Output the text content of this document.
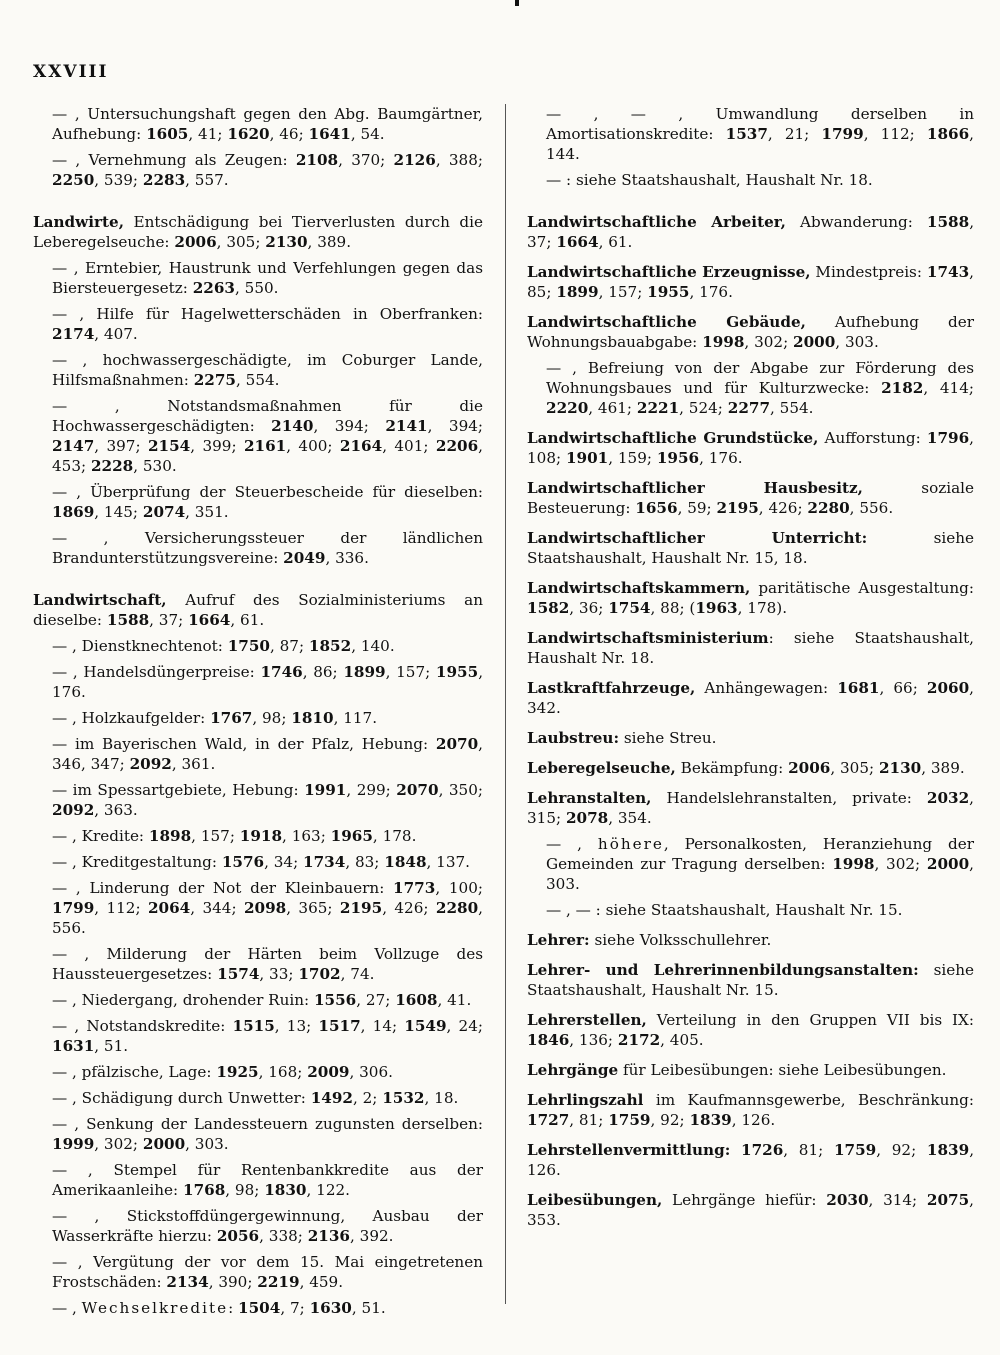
XXVIII
— , Untersuchungshaft gegen den Abg. Baumgärtner, Aufhebung: 1605, 41; 1620, 46; 1641, 54.
— , Vernehmung als Zeugen: 2108, 370; 2126, 388; 2250, 539; 2283, 557.
Landwirte, Entschädigung bei Tierverlusten durch die Leberegelseuche: 2006, 305; 2130, 389.
— , Erntebier, Haustrunk und Verfehlungen gegen das Biersteuergesetz: 2263, 550.
— , Hilfe für Hagelwetterschäden in Oberfranken: 2174, 407.
— , hochwassergeschädigte, im Coburger Lande, Hilfsmaßnahmen: 2275, 554.
— , Notstandsmaßnahmen für die Hochwassergeschädigten: 2140, 394; 2141, 394; 2147, 397; 2154, 399; 2161, 400; 2164, 401; 2206, 453; 2228, 530.
— , Überprüfung der Steuerbescheide für dieselben: 1869, 145; 2074, 351.
— , Versicherungssteuer der ländlichen Brandunterstützungsvereine: 2049, 336.
Landwirtschaft, Aufruf des Sozialministeriums an dieselbe: 1588, 37; 1664, 61.
— , Dienstknechtenot: 1750, 87; 1852, 140.
— , Handelsdüngerpreise: 1746, 86; 1899, 157; 1955, 176.
— , Holzkaufgelder: 1767, 98; 1810, 117.
— im Bayerischen Wald, in der Pfalz, Hebung: 2070, 346, 347; 2092, 361.
— im Spessartgebiete, Hebung: 1991, 299; 2070, 350; 2092, 363.
— , Kredite: 1898, 157; 1918, 163; 1965, 178.
— , Kreditgestaltung: 1576, 34; 1734, 83; 1848, 137.
— , Linderung der Not der Kleinbauern: 1773, 100; 1799, 112; 2064, 344; 2098, 365; 2195, 426; 2280, 556.
— , Milderung der Härten beim Vollzuge des Haussteuergesetzes: 1574, 33; 1702, 74.
— , Niedergang, drohender Ruin: 1556, 27; 1608, 41.
— , Notstandskredite: 1515, 13; 1517, 14; 1549, 24; 1631, 51.
— , pfälzische, Lage: 1925, 168; 2009, 306.
— , Schädigung durch Unwetter: 1492, 2; 1532, 18.
— , Senkung der Landessteuern zugunsten derselben: 1999, 302; 2000, 303.
— , Stempel für Rentenbankkredite aus der Amerikaanleihe: 1768, 98; 1830, 122.
— , Stickstoffdüngergewinnung, Ausbau der Wasserkräfte hierzu: 2056, 338; 2136, 392.
— , Vergütung der vor dem 15. Mai eingetretenen Frostschäden: 2134, 390; 2219, 459.
— , Wechselkredite: 1504, 7; 1630, 51.
— , — , Umwandlung derselben in Amortisationskredite: 1537, 21; 1799, 112; 1866, 144.
— : siehe Staatshaushalt, Haushalt Nr. 18.
Landwirtschaftliche Arbeiter, Abwanderung: 1588, 37; 1664, 61.
Landwirtschaftliche Erzeugnisse, Mindestpreis: 1743, 85; 1899, 157; 1955, 176.
Landwirtschaftliche Gebäude, Aufhebung der Wohnungsbauabgabe: 1998, 302; 2000, 303.
— , Befreiung von der Abgabe zur Förderung des Wohnungsbaues und für Kulturzwecke: 2182, 414; 2220, 461; 2221, 524; 2277, 554.
Landwirtschaftliche Grundstücke, Aufforstung: 1796, 108; 1901, 159; 1956, 176.
Landwirtschaftlicher Hausbesitz, soziale Besteuerung: 1656, 59; 2195, 426; 2280, 556.
Landwirtschaftlicher Unterricht: siehe Staatshaushalt, Haushalt Nr. 15, 18.
Landwirtschaftskammern, paritätische Ausgestaltung: 1582, 36; 1754, 88; (1963, 178).
Landwirtschaftsministerium: siehe Staatshaushalt, Haushalt Nr. 18.
Lastkraftfahrzeuge, Anhängewagen: 1681, 66; 2060, 342.
Laubstreu: siehe Streu.
Leberegelseuche, Bekämpfung: 2006, 305; 2130, 389.
Lehranstalten, Handelslehranstalten, private: 2032, 315; 2078, 354.
— , höhere, Personalkosten, Heranziehung der Gemeinden zur Tragung derselben: 1998, 302; 2000, 303.
— , — : siehe Staatshaushalt, Haushalt Nr. 15.
Lehrer: siehe Volksschullehrer.
Lehrer- und Lehrerinnenbildungsanstalten: siehe Staatshaushalt, Haushalt Nr. 15.
Lehrerstellen, Verteilung in den Gruppen VII bis IX: 1846, 136; 2172, 405.
Lehrgänge für Leibesübungen: siehe Leibesübungen.
Lehrlingszahl im Kaufmannsgewerbe, Beschränkung: 1727, 81; 1759, 92; 1839, 126.
Lehrstellenvermittlung: 1726, 81; 1759, 92; 1839, 126.
Leibesübungen, Lehrgänge hiefür: 2030, 314; 2075, 353.
